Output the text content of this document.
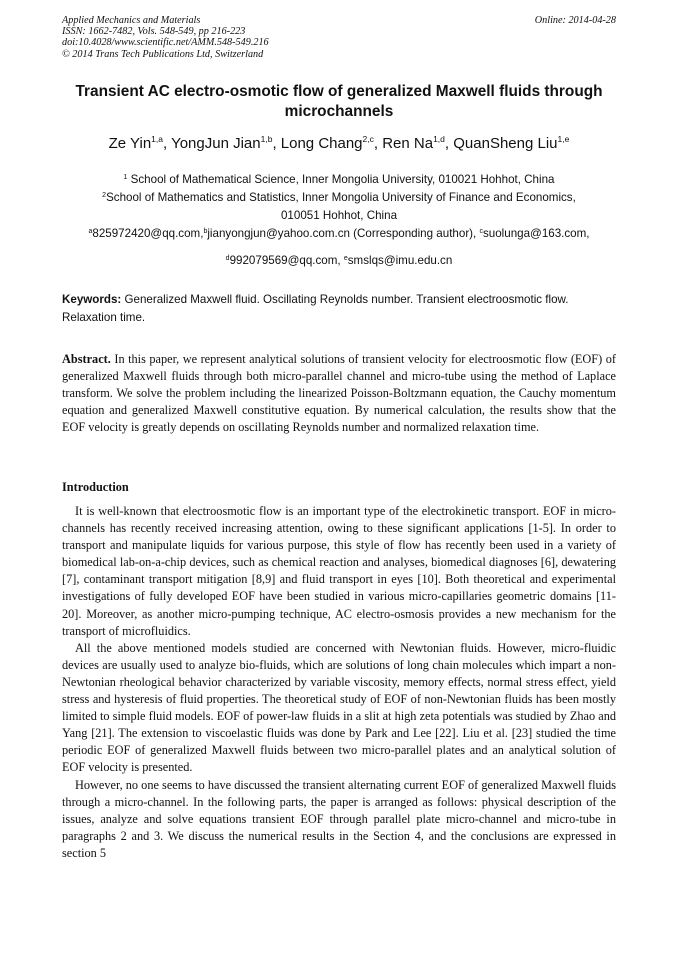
Applied Mechanics and Materials
ISSN: 1662-7482, Vols. 548-549, pp 216-223
doi:10.4028/www.scientific.net/AMM.548-549.216
© 2014 Trans Tech Publications Ltd, Switzerland
Online: 2014-04-28
Transient AC electro-osmotic flow of generalized Maxwell fluids through microchannels
Ze Yin$^{1,a}$, YongJun Jian$^{1,b}$, Long Chang$^{2,c}$, Ren Na$^{1,d}$, QuanSheng Liu$^{1,e}$
$^1$ School of Mathematical Science, Inner Mongolia University, 010021 Hohhot, China
$^2$School of Mathematics and Statistics, Inner Mongolia University of Finance and Economics,
010051 Hohhot, China
$^a$825972420@qq.com,$^b$jianyongjun@yahoo.com.cn (Corresponding author), $^c$suolunga@163.com,
$^d$992079569@qq.com, $^e$smslqs@imu.edu.cn
Keywords: Generalized Maxwell fluid. Oscillating Reynolds number. Transient electroosmotic flow. Relaxation time.
Abstract. In this paper, we represent analytical solutions of transient velocity for electroosmotic flow (EOF) of generalized Maxwell fluids through both micro-parallel channel and micro-tube using the method of Laplace transform. We solve the problem including the linearized Poisson-Boltzmann equation, the Cauchy momentum equation and generalized Maxwell constitutive equation. By numerical calculation, the results show that the EOF velocity is greatly depends on oscillating Reynolds number and normalized relaxation time.
Introduction

It is well-known that electroosmotic flow is an important type of the electrokinetic transport. EOF in micro-channels has recently received increasing attention, owing to these significant applications [1-5]. In order to transport and manipulate liquids for various purpose, this style of flow has recently been used in a variety of biomedical lab-on-a-chip devices, such as chemical reaction and analyses, biomedical diagnoses [6], dewatering [7], contaminant transport mitigation [8,9] and fluid transport in eyes [10]. Both theoretical and experimental investigations of fully developed EOF have been studied in various micro-capillaries geometric domains [11-20]. Moreover, as another micro-pumping technique, AC electro-osmosis provides a new mechanism for the transport of microfluidics.

All the above mentioned models studied are concerned with Newtonian fluids. However, micro-fluidic devices are usually used to analyze bio-fluids, which are solutions of long chain molecules which impart a non-Newtonian rheological behavior characterized by variable viscosity, memory effects, normal stress effect, yield stress and hysteresis of fluid properties. The theoretical study of EOF of non-Newtonian fluids has been mostly limited to simple fluid models. EOF of power-law fluids in a slit at high zeta potentials was studied by Zhao and Yang [21]. The extension to viscoelastic fluids was done by Park and Lee [22]. Liu et al. [23] studied the time periodic EOF of generalized Maxwell fluids between two micro-parallel plates and an analytical solution of EOF velocity is presented.

However, no one seems to have discussed the transient alternating current EOF of generalized Maxwell fluids through a micro-channel. In the following parts, the paper is arranged as follows: physical description of the issues, analyze and solve equations transient EOF through parallel plate micro-channel and micro-tube in paragraphs 2 and 3. We discuss the numerical results in the Section 4, and the conclusions are expressed in section 5
